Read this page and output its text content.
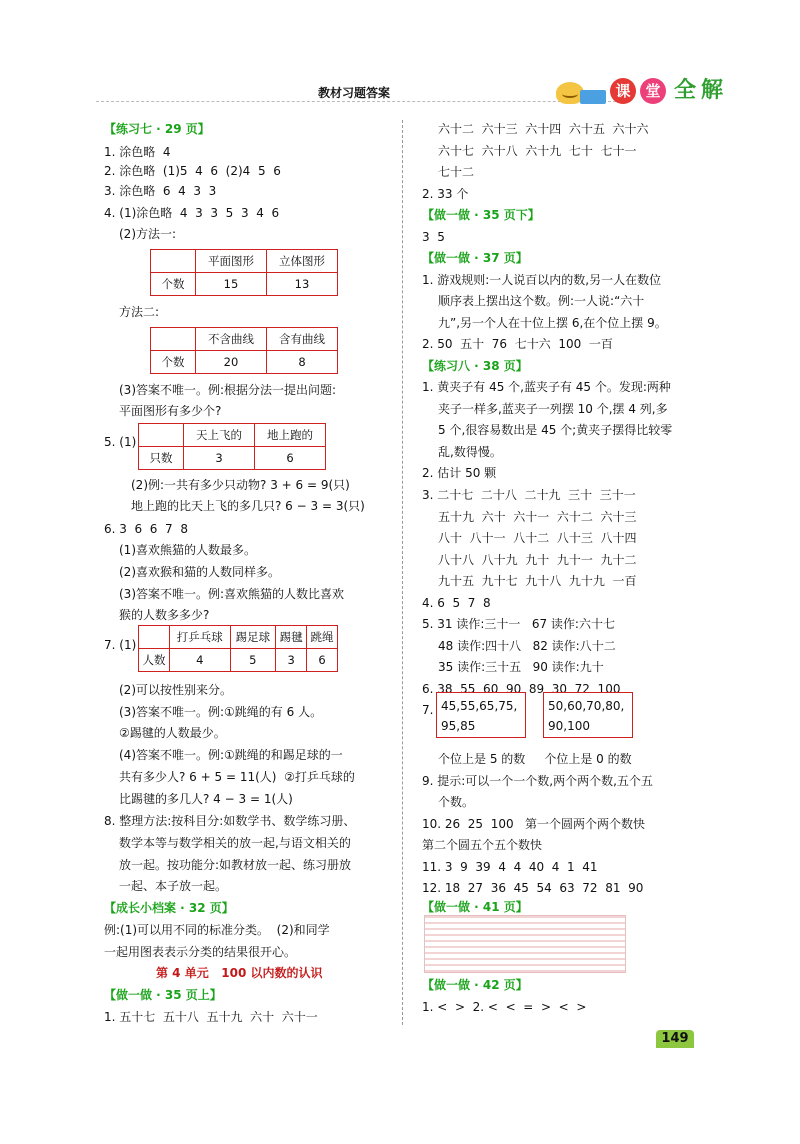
教材习题答案	课 堂 全 解
【练习七 · 29 页】
1. 涂色略  4
2. 涂色略  (1)5  4  6  (2)4  5  6
3. 涂色略  6  4  3  3
4. (1)涂色略  4  3  3  5  3  4  6
(2)方法一:
	平面图形	立体图形
个数	15	13
方法二:
	不含曲线	含有曲线
个数	20	8
(3)答案不唯一。例:根据分法一提出问题:
平面图形有多少个?
5. (1)
		天上飞的	地上跑的
只数	3	6
(2)例:一共有多少只动物? 3 + 6 = 9(只)
地上跑的比天上飞的多几只? 6 − 3 = 3(只)
6. 3  6  6  7  8
(1)喜欢熊猫的人数最多。
(2)喜欢猴和猫的人数同样多。
(3)答案不唯一。例:喜欢熊猫的人数比喜欢
猴的人数多多少?
7. (1)
	打乒乓球	踢足球	踢毽	跳绳
人数	4	5	3	6
(2)可以按性别来分。
(3)答案不唯一。例:①跳绳的有 6 人。
②踢毽的人数最少。
(4)答案不唯一。例:①跳绳的和踢足球的一
共有多少人? 6 + 5 = 11(人)  ②打乒乓球的
比踢毽的多几人? 4 − 3 = 1(人)
8. 整理方法:按科目分:如数学书、数学练习册、
数学本等与数学相关的放一起,与语文相关的
放一起。按功能分:如教材放一起、练习册放
一起、本子放一起。
【成长小档案 · 32 页】
例:(1)可以用不同的标准分类。  (2)和同学
一起用图表表示分类的结果很开心。
第 4 单元   100 以内数的认识
【做一做 · 35 页上】
1. 五十七  五十八  五十九  六十  六十一
六十二  六十三  六十四  六十五  六十六
六十七  六十八  六十九  七十  七十一
七十二
2. 33 个
【做一做 · 35 页下】
3  5
【做一做 · 37 页】
1. 游戏规则:一人说百以内的数,另一人在数位
顺序表上摆出这个数。例:一人说:“六十
九”,另一个人在十位上摆 6,在个位上摆 9。
2. 50  五十  76  七十六  100  一百
【练习八 · 38 页】
1. 黄夹子有 45 个,蓝夹子有 45 个。发现:两种
夹子一样多,蓝夹子一列摆 10 个,摆 4 列,多
5 个,很容易数出是 45 个;黄夹子摆得比较零
乱,数得慢。
2. 估计 50 颗
3. 二十七  二十八  二十九  三十  三十一
五十九  六十  六十一  六十二  六十三
八十  八十一  八十二  八十三  八十四
八十八  八十九  九十  九十一  九十二
九十五  九十七  九十八  九十九  一百
4. 6  5  7  8
5. 31 读作:三十一   67 读作:六十七
48 读作:四十八   82 读作:八十二
35 读作:三十五   90 读作:九十
6. 38  55  60  90  89  30  72  100
7. 45,55,65,75,
95,85
50,60,70,80,
90,100
个位上是 5 的数     个位上是 0 的数
9. 提示:可以一个一个数,两个两个数,五个五
个数。
10. 26  25  100   第一个圆两个两个数快
第二个圆五个五个数快
11. 3  9  39  4  4  40  4  1  41
12. 18  27  36  45  54  63  72  81  90
【做一做 · 41 页】
【做一做 · 42 页】
1. <  >  2. <  <  =  >  <  >
149
